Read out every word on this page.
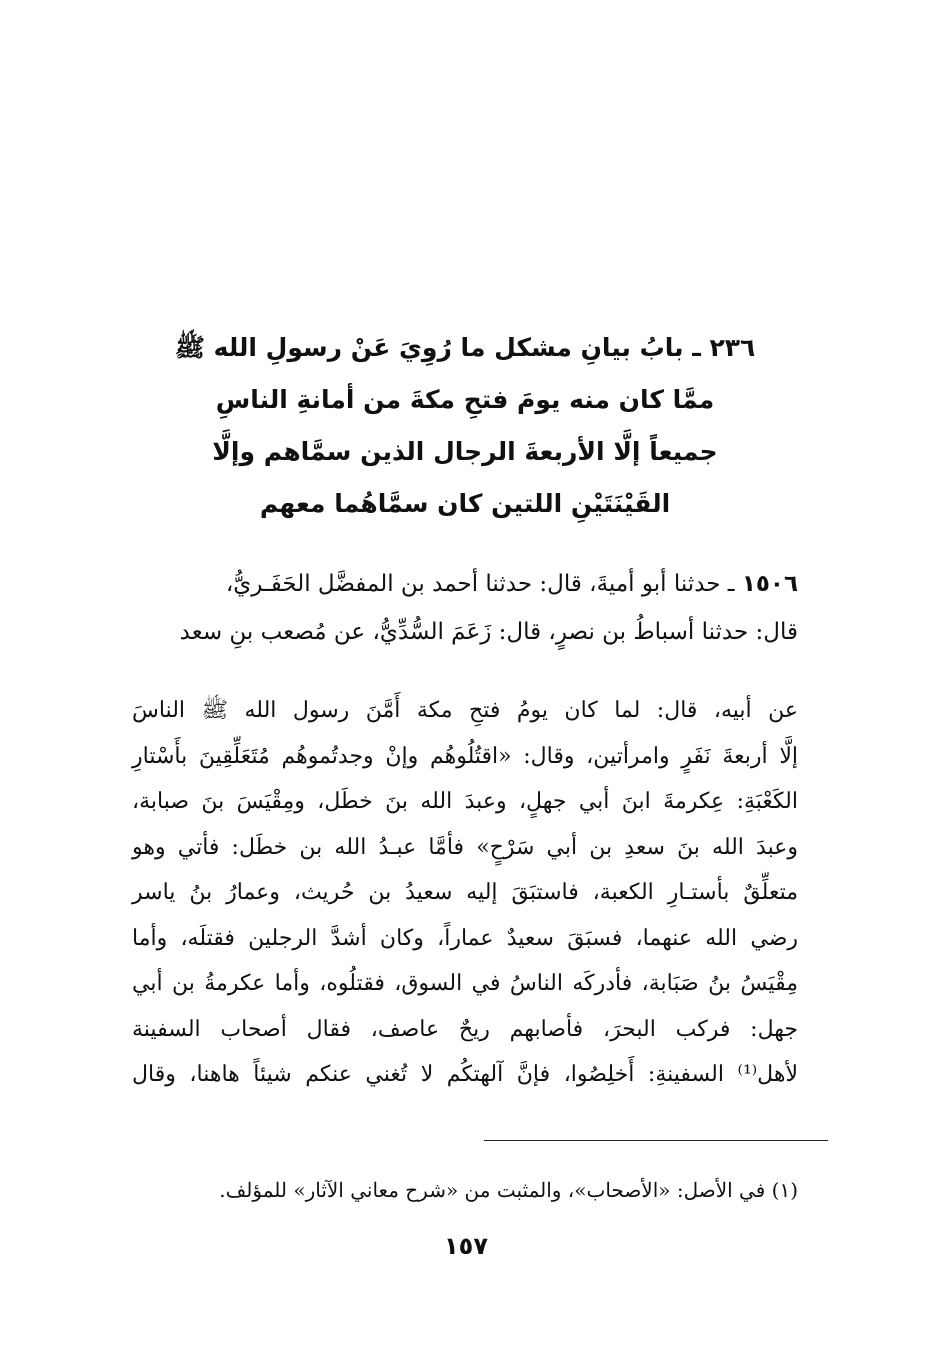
٢٣٦ ـ بابُ بيانِ مشكل ما رُوِيَ عَنْ رسولِ الله ﷺ
ممَّا كان منه يومَ فتحِ مكةَ من أمانةِ الناسِ
جميعاً إلَّا الأربعةَ الرجال الذين سمَّاهم وإلَّا
القَيْنَتَيْنِ اللتين كان سمَّاهُما معهم
١٥٠٦ ـ حدثنا أبو أميةَ، قال: حدثنا أحمد بن المفضَّل الحَفَـريُّ،
قال: حدثنا أسباطُ بن نصرٍ، قال: زَعَمَ السُّدِّيُّ، عن مُصعب بنِ سعد
عن أبيه، قال: لما كان يومُ فتحِ مكة أَمَّنَ رسول الله ﷺ الناسَ
إلَّا أربعةَ نَفَرٍ وامرأتين، وقال: «اقتُلُوهُم وإنْ وجدتُموهُم مُتَعَلِّقِينَ بأَسْتارِ
الكَعْبَةِ: عِكرمةَ ابنَ أبي جهلٍ، وعبدَ الله بنَ خطَل، ومِقْيَسَ بنَ صبابة،
وعبدَ الله بنَ سعدِ بن أبي سَرْحٍ» فأمَّا عبـدُ الله بن خطَل: فأتي وهو
متعلِّقٌ بأستـارِ الكعبة، فاستبَقَ إليه سعيدُ بن حُريث، وعمارُ بنُ ياسر
رضي الله عنهما، فسبَقَ سعيدٌ عماراً، وكان أشدَّ الرجلين فقتلَه، وأما
مِقْيَسُ بنُ صَبَابة، فأدركَه الناسُ في السوق، فقتلُوه، وأما عكرمةُ بن أبي
جهل: فركب البحرَ، فأصابهم ريحٌ عاصف، فقال أصحاب السفينة
لأهل⁽¹⁾ السفينةِ: أَخلِصُوا، فإنَّ آلهتكُم لا تُغني عنكم شيئاً هاهنا، وقال
(١) في الأصل: «الأصحاب»، والمثبت من «شرح معاني الآثار» للمؤلف.
١٥٧
